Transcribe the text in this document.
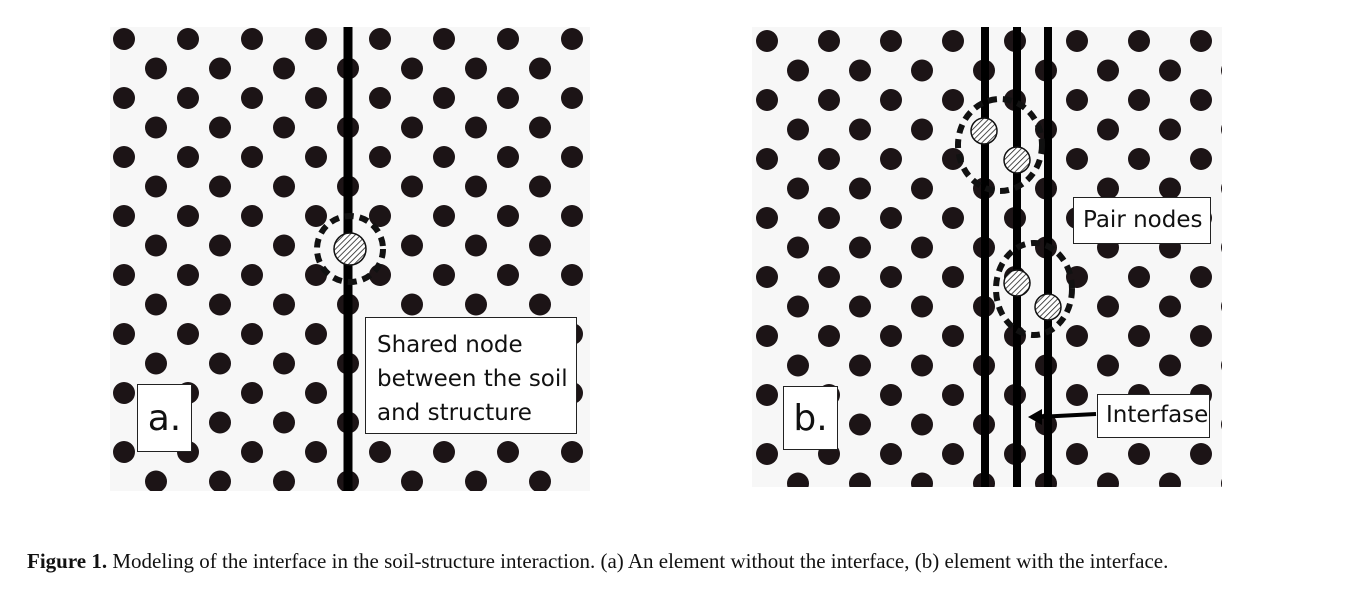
a.
Shared node
between the soil
and structure	b.
Pair nodes
Interfase
Figure 1. Modeling of the interface in the soil-structure interaction. (a) An element without the interface, (b) element with the interface.
